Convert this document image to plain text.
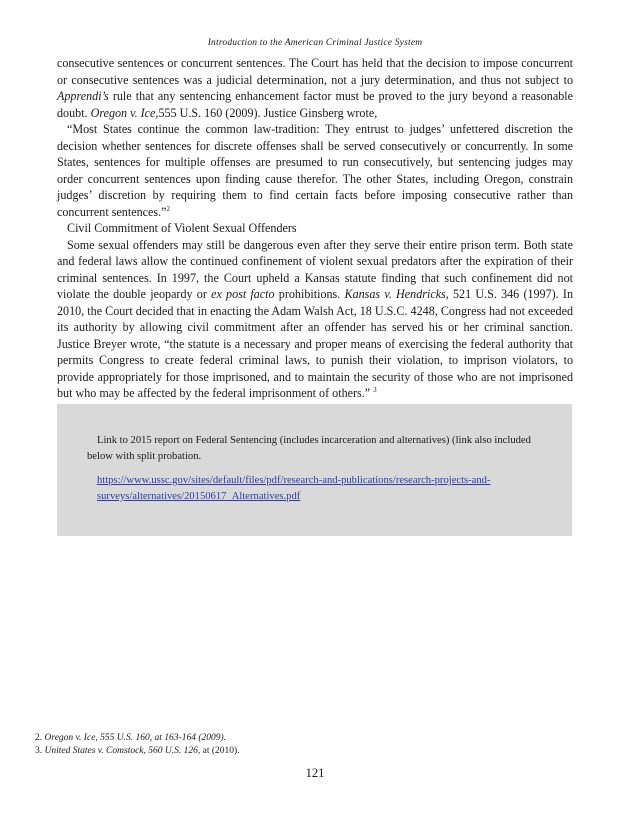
Introduction to the American Criminal Justice System

consecutive sentences or concurrent sentences. The Court has held that the decision to impose concurrent or consecutive sentences was a judicial determination, not a jury determination, and thus not subject to Apprendi’s rule that any sentencing enhancement factor must be proved to the jury beyond a reasonable doubt. Oregon v. Ice,555 U.S. 160 (2009). Justice Ginsberg wrote,

“Most States continue the common law-tradition: They entrust to judges’ unfettered discretion the decision whether sentences for discrete offenses shall be served consecutively or concurrently. In some States, sentences for multiple offenses are presumed to run consecutively, but sentencing judges may order concurrent sentences upon finding cause therefor. The other States, including Oregon, constrain judges’ discretion by requiring them to find certain facts before imposing consecutive rather than concurrent sentences.”$^2$

Civil Commitment of Violent Sexual Offenders

Some sexual offenders may still be dangerous even after they serve their entire prison term. Both state and federal laws allow the continued confinement of violent sexual predators after the expiration of their criminal sentences. In 1997, the Court upheld a Kansas statute finding that such confinement did not violate the double jeopardy or ex post facto prohibitions. Kansas v. Hendricks, 521 U.S. 346 (1997). In 2010, the Court decided that in enacting the Adam Walsh Act, 18 U.S.C. 4248, Congress had not exceeded its authority by allowing civil commitment after an offender has served his or her criminal sanction. Justice Breyer wrote, “the statute is a necessary and proper means of exercising the federal authority that permits Congress to create federal criminal laws, to punish their violation, to imprison violators, to provide appropriately for those imprisoned, and to maintain the security of those who are not imprisoned but who may be affected by the federal imprisonment of others.” $^3$

Link to 2015 report on Federal Sentencing (includes incarceration and alternatives) (link also included below with split probation.

https://www.ussc.gov/sites/default/files/pdf/research-and-publications/research-projects-and-surveys/alternatives/20150617_Alternatives.pdf

2. Oregon v. Ice, 555 U.S. 160, at 163-164 (2009).

3. United States v. Comstock, 560 U.S. 126, at (2010).

121
